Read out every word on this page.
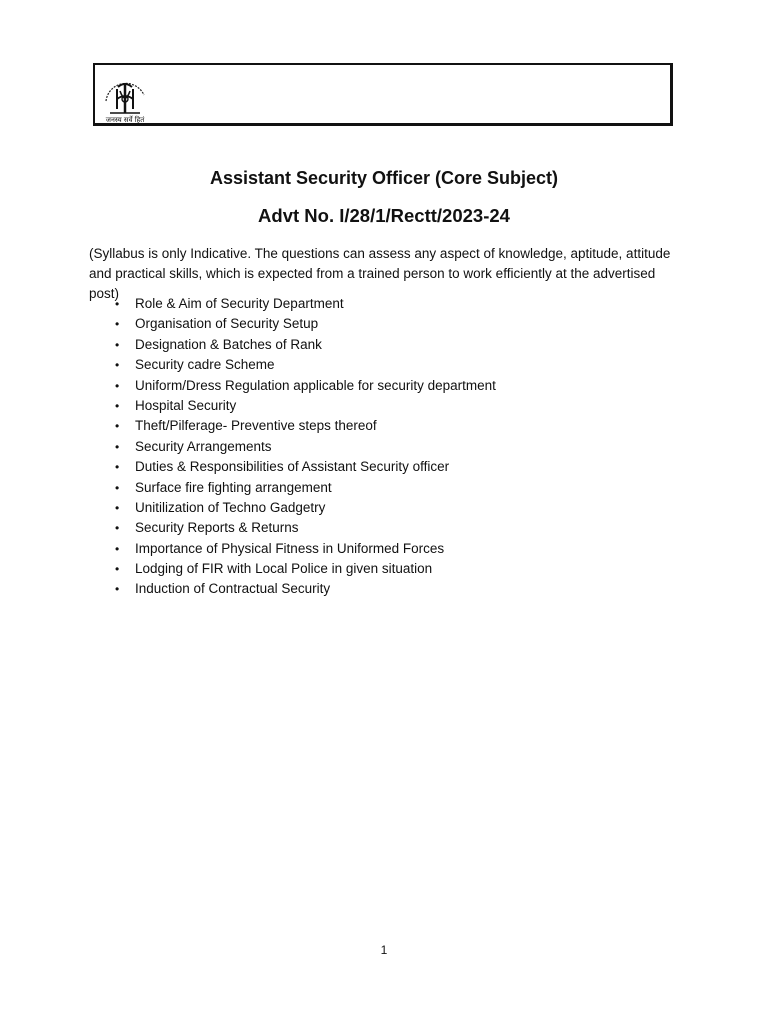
जनस्य सर्वे हितं
Assistant Security Officer (Core Subject)
Advt No. I/28/1/Rectt/2023-24

(Syllabus is only Indicative. The questions can assess any aspect of knowledge, aptitude, attitude and practical skills, which is expected from a trained person to work efficiently at the advertised post)

• Role & Aim of Security Department
• Organisation of Security Setup
• Designation & Batches of Rank
• Security cadre Scheme
• Uniform/Dress Regulation applicable for security department
• Hospital Security
• Theft/Pilferage- Preventive steps thereof
• Security Arrangements
• Duties & Responsibilities of Assistant Security officer
• Surface fire fighting arrangement
• Unitilization of Techno Gadgetry
• Security Reports & Returns
• Importance of Physical Fitness in Uniformed Forces
• Lodging of FIR with Local Police in given situation
• Induction of Contractual Security
1
